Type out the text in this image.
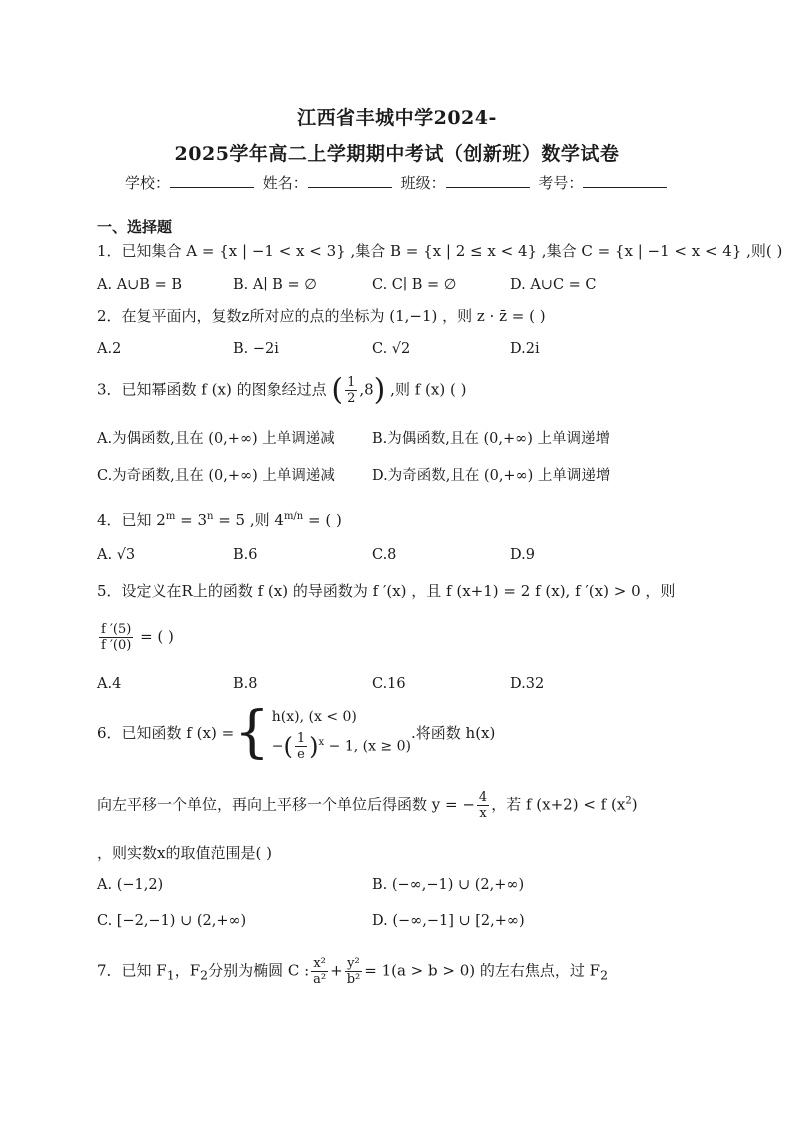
江西省丰城中学2024-
2025学年高二上学期期中考试（创新班）数学试卷
学校：	姓名：	班级：	考号：
一、选择题
1．已知集合 A = {x | −1 < x < 3} ,集合 B = {x | 2 ≤ x < 4} ,集合 C = {x | −1 < x < 4} ,则( )
A. A∪B = B	B. A∣ B = ∅	C. C∣ B = ∅	D. A∪C = C
2．在复平面内，复数z所对应的点的坐标为 (1,−1) ，则 z · z̄ = ( )
A.2	B. −2i	C. √2	D.2i
3．已知幂函数 f (x) 的图象经过点 ( $\frac{1}{2} ,8$) ,则 f (x) ( )
A.为偶函数,且在 (0,+∞) 上单调递减	B.为偶函数,且在 (0,+∞) 上单调递增
C.为奇函数,且在 (0,+∞) 上单调递减	D.为奇函数,且在 (0,+∞) 上单调递增
4．已知 $2^m = 3^n = 5$ ,则 $4^{m/n}$ = ( )
A. √3	B.6	C.8	D.9
5．设定义在R上的函数 f (x) 的导函数为 f ′(x) ，且 f (x+1) = 2 f (x), f ′(x) > 0 ，则
$\frac{f '(5)}{f '(0)}$ = ( )
A.4	B.8	C.16	D.32
6．已知函数 f (x) = { h(x), (x < 0)
−( $\frac{1}{e} )^x - 1$, (x ≥ 0)
.将函数 h(x)
向左平移一个单位，再向上平移一个单位后得函数 y = − $\frac{4}{x}$ ，若 f (x+2) < f $(x^2)$
，则实数x的取值范围是( )
A. (−1,2)	B. (−∞,−1) ∪ (2,+∞)
C. [−2,−1) ∪ (2,+∞)	D. (−∞,−1] ∪ [2,+∞)
7．已知 $F_1$，$F_2$分别为椭圆 C : $\frac{\text{x²}}{\text{a²}} + \frac{\text{y²}}{\text{b²}} = 1(a > b > 0)$ 的左右焦点，过 $F_2$
